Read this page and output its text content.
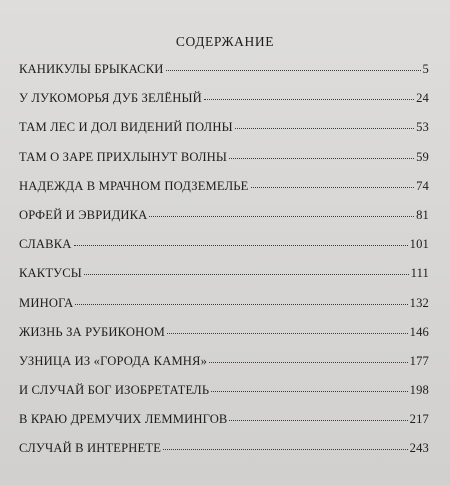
СОДЕРЖАНИЕ
КАНИКУЛЫ БРЫКАСКИ	5
У ЛУКОМОРЬЯ ДУБ ЗЕЛЁНЫЙ	24
ТАМ ЛЕС И ДОЛ ВИДЕНИЙ ПОЛНЫ	53
ТАМ О ЗАРЕ ПРИХЛЫНУТ ВОЛНЫ	59
НАДЕЖДА В МРАЧНОМ ПОДЗЕМЕЛЬЕ	74
ОРФЕЙ И ЭВРИДИКА	81
СЛАВКА	101
КАКТУСЫ	111
МИНОГА	132
ЖИЗНЬ ЗА РУБИКОНОМ	146
УЗНИЦА ИЗ «ГОРОДА КАМНЯ»	177
И СЛУЧАЙ БОГ ИЗОБРЕТАТЕЛЬ	198
В КРАЮ ДРЕМУЧИХ ЛЕММИНГОВ	217
СЛУЧАЙ В ИНТЕРНЕТЕ	243
